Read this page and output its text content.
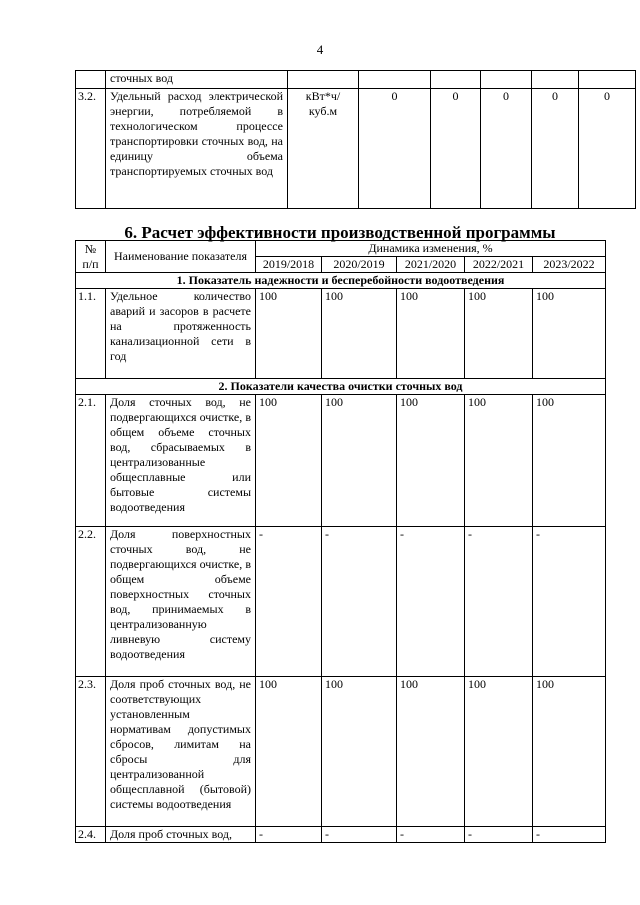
4
	сточных вод						
3.2.	Удельный расход электрической энергии, потребляемой в технологическом процессе транспортировки сточных вод, на единицу объема транспортируемых сточных вод	кВт*ч/ куб.м	0	0	0	0	0
6. Расчет эффективности производственной программы
№ п/п	Наименование показателя	Динамика изменения, %				
		2019/2018	2020/2019	2021/2020	2022/2021	2023/2022
1. Показатель надежности и бесперебойности водоотведения						
1.1.	Удельное количество аварий и засоров в расчете на протяженность канализационной сети в год	100	100	100	100	100
2. Показатели качества очистки сточных вод						
2.1.	Доля сточных вод, не подвергающихся очистке, в общем объеме сточных вод, сбрасываемых в централизованные общесплавные или бытовые системы водоотведения	100	100	100	100	100
2.2.	Доля поверхностных сточных вод, не подвергающихся очистке, в общем объеме поверхностных сточных вод, принимаемых в централизованную ливневую систему водоотведения	-	-	-	-	-
2.3.	Доля проб сточных вод, не соответствующих установленным нормативам допустимых сбросов, лимитам на сбросы для централизованной общесплавной (бытовой) системы водоотведения	100	100	100	100	100
2.4.	Доля проб сточных вод,	-	-	-	-	-
